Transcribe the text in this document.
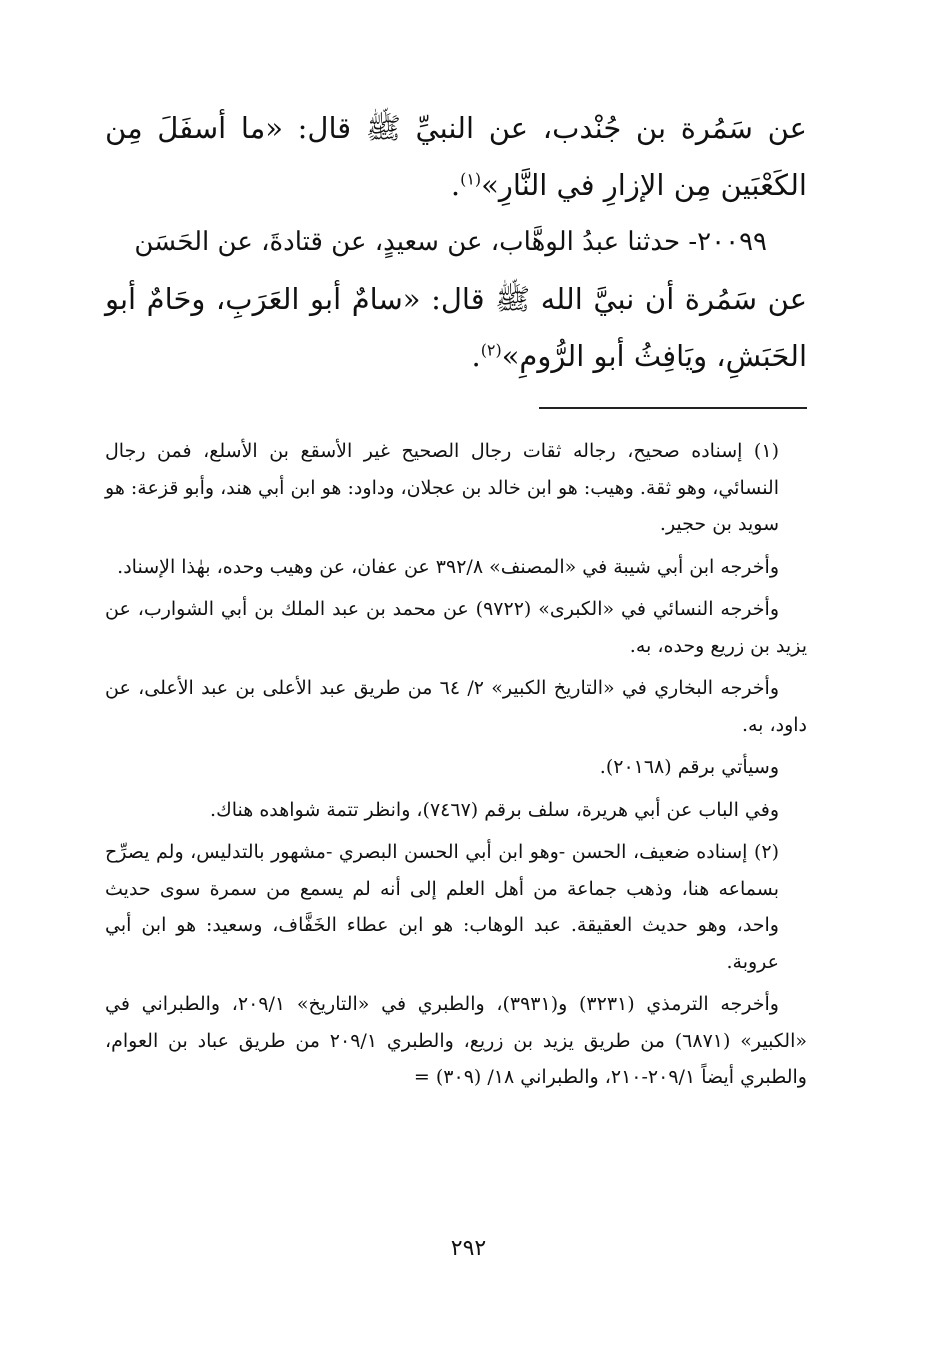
عن سَمُرة بن جُنْدب، عن النبيِّ ﷺ قال: «ما أسفَلَ مِن الكَعْبَين مِن الإزارِ في النَّارِ»$^{(١)}$.

٢٠٠٩٩- حدثنا عبدُ الوهَّاب، عن سعيدٍ، عن قتادةَ، عن الحَسَن

عن سَمُرة أن نبيَّ الله ﷺ قال: «سامٌ أبو العَرَبِ، وحَامٌ أبو الحَبَشِ، ويَافِثُ أبو الرُّومِ»$^{(٢)}$.

(١) إسناده صحيح، رجاله ثقات رجال الصحيح غير الأسقع بن الأسلع، فمن رجال النسائي، وهو ثقة. وهيب: هو ابن خالد بن عجلان، وداود: هو ابن أبي هند، وأبو قزعة: هو سويد بن حجير.

وأخرجه ابن أبي شيبة في «المصنف» ٣٩٢/٨ عن عفان، عن وهيب وحده، بهٰذا الإسناد.

وأخرجه النسائي في «الكبرى» (٩٧٢٢) عن محمد بن عبد الملك بن أبي الشوارب، عن يزيد بن زريع وحده، به.

وأخرجه البخاري في «التاريخ الكبير» ٢/ ٦٤ من طريق عبد الأعلى بن عبد الأعلى، عن داود، به.

وسيأتي برقم (٢٠١٦٨).

وفي الباب عن أبي هريرة، سلف برقم (٧٤٦٧)، وانظر تتمة شواهده هناك.

(٢) إسناده ضعيف، الحسن -وهو ابن أبي الحسن البصري -مشهور بالتدليس، ولم يصرِّح بسماعه هنا، وذهب جماعة من أهل العلم إلى أنه لم يسمع من سمرة سوى حديث واحد، وهو حديث العقيقة. عبد الوهاب: هو ابن عطاء الخَفَّاف، وسعيد: هو ابن أبي عروبة.

وأخرجه الترمذي (٣٢٣١) و(٣٩٣١)، والطبري في «التاريخ» ٢٠٩/١، والطبراني في «الكبير» (٦٨٧١) من طريق يزيد بن زريع، والطبري ٢٠٩/١ من طريق عباد بن العوام، والطبري أيضاً ٢٠٩/١-٢١٠، والطبراني ١٨/ (٣٠٩) =

٢٩٢
